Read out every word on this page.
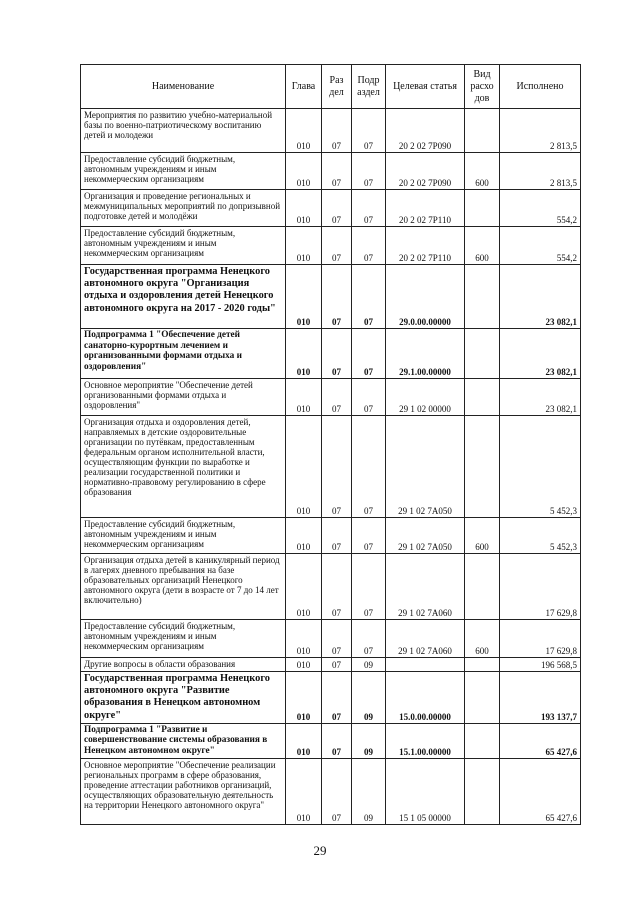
Наименование	Глава	Раз дел	Подр аздел	Целевая статья	Вид расхо дов	Исполнено
Мероприятия по развитию учебно-материальной базы по военно-патриотическому воспитанию детей и молодежи	010	07	07	20 2 02 7P090		2 813,5
Предоставление субсидий бюджетным, автономным учреждениям и иным некоммерческим организациям	010	07	07	20 2 02 7P090	600	2 813,5
Организация и проведение региональных и межмуниципальных мероприятий по допризывной подготовке детей и молодёжи	010	07	07	20 2 02 7P110		554,2
Предоставление субсидий бюджетным, автономным учреждениям и иным некоммерческим организациям	010	07	07	20 2 02 7P110	600	554,2
Государственная программа Ненецкого автономного округа "Организация отдыха и оздоровления детей Ненецкого автономного округа на 2017 - 2020 годы"	010	07	07	29.0.00.00000		23 082,1
Подпрограмма 1 "Обеспечение детей санаторно-курортным лечением и организованными формами отдыха и оздоровления"	010	07	07	29.1.00.00000		23 082,1
Основное мероприятие "Обеспечение детей организованными формами отдыха и оздоровления"	010	07	07	29 1 02 00000		23 082,1
Организация отдыха и оздоровления детей, направляемых в детские оздоровительные организации по путёвкам, предоставленным федеральным органом исполнительной власти, осуществляющим функции по выработке и реализации государственной политики и нормативно-правовому регулированию в сфере образования	010	07	07	29 1 02 7А050		5 452,3
Предоставление субсидий бюджетным, автономным учреждениям и иным некоммерческим организациям	010	07	07	29 1 02 7А050	600	5 452,3
Организация отдыха детей в каникулярный период в лагерях дневного пребывания на базе образовательных организаций Ненецкого автономного округа (дети в возрасте от 7 до 14 лет включительно)	010	07	07	29 1 02 7А060		17 629,8
Предоставление субсидий бюджетным, автономным учреждениям и иным некоммерческим организациям	010	07	07	29 1 02 7А060	600	17 629,8
Другие вопросы в области образования	010	07	09			196 568,5
Государственная программа Ненецкого автономного округа "Развитие образования в Ненецком автономном округе"	010	07	09	15.0.00.00000		193 137,7
Подпрограмма 1 "Развитие и совершенствование системы образования в Ненецком автономном округе"	010	07	09	15.1.00.00000		65 427,6
Основное мероприятие "Обеспечение реализации региональных программ в сфере образования, проведение аттестации работников организаций, осуществляющих образовательную деятельность на территории Ненецкого автономного округа"	010	07	09	15 1 05 00000		65 427,6
29
